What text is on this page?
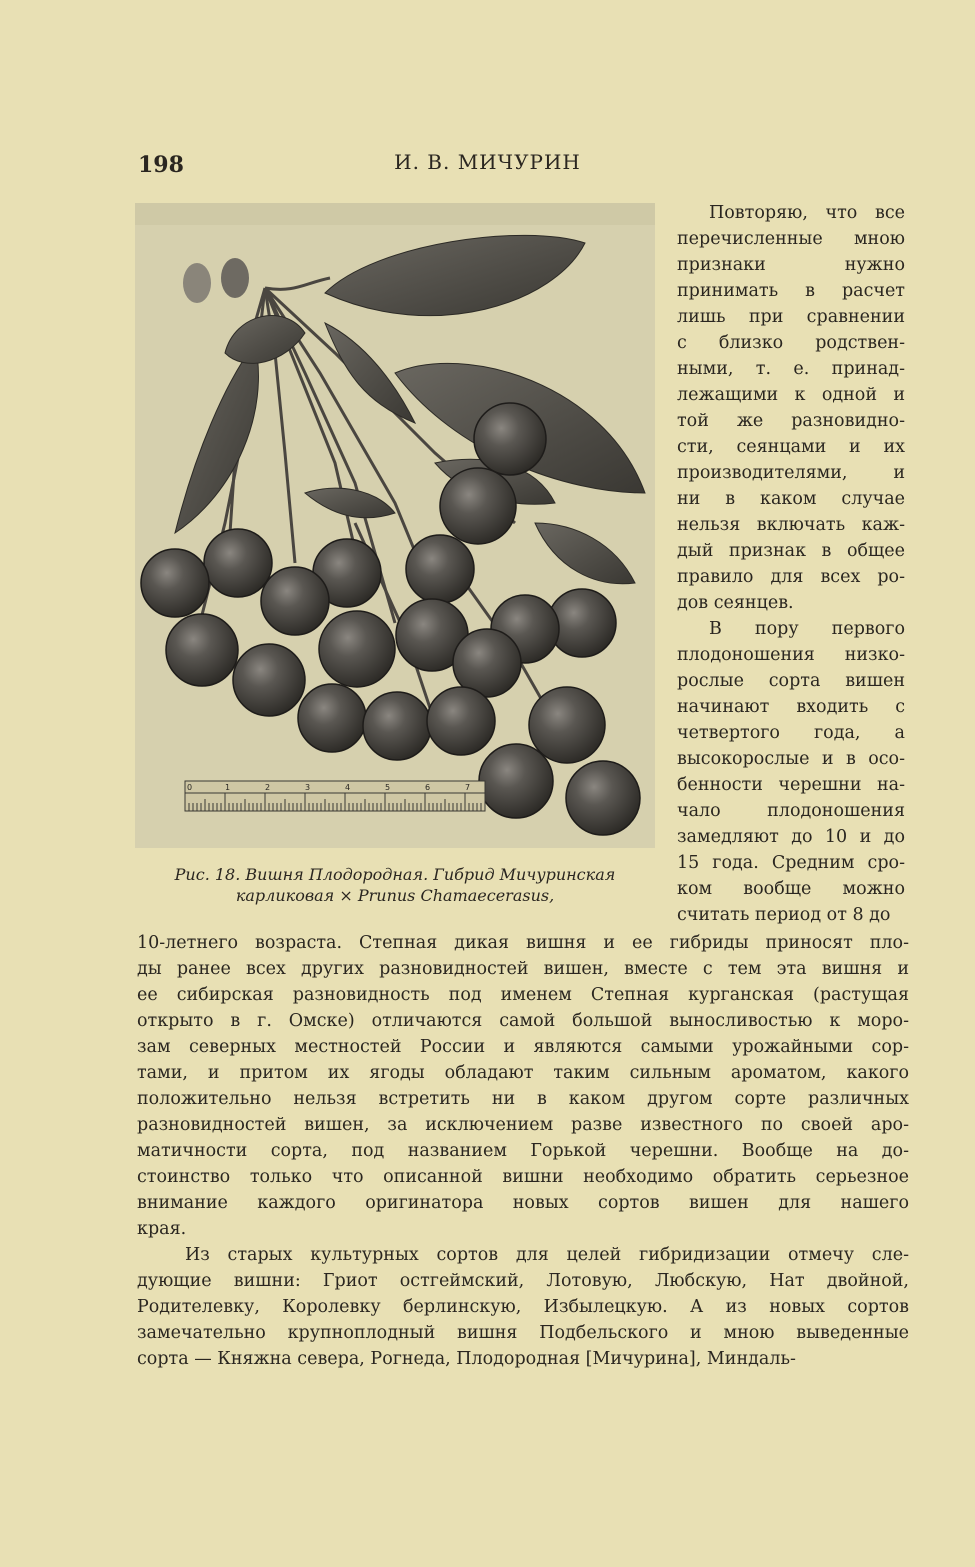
198	И. В. МИЧУРИН
0	1	2	3	4	5	6	7
Рис. 18. Вишня Плодородная. Гибрид Мичуринская
карликовая × Prunus Chamaecerasus,
Повторяю, что все
перечисленные мною
признаки нужно
принимать в расчет
лишь при сравнении
с близко родствен-
ными, т. е. принад-
лежащими к одной и
той же разновидно-
сти, сеянцами и их
производителями, и
ни в каком случае
нельзя включать каж-
дый признак в общее
правило для всех ро-
дов сеянцев.
В пору первого
плодоношения низко-
рослые сорта вишен
начинают входить с
четвертого года, а
высокорослые и в осо-
бенности черешни на-
чало плодоношения
замедляют до 10 и до
15 года. Средним сро-
ком вообще можно
считать период от 8 до
10-летнего возраста. Степная дикая вишня и ее гибриды приносят пло-
ды ранее всех других разновидностей вишен, вместе с тем эта вишня и
ее сибирская разновидность под именем Степная курганская (растущая
открыто в г. Омске) отличаются самой большой выносливостью к моро-
зам северных местностей России и являются самыми урожайными сор-
тами, и притом их ягоды обладают таким сильным ароматом, какого
положительно нельзя встретить ни в каком другом сорте различных
разновидностей вишен, за исключением разве известного по своей аро-
матичности сорта, под названием Горькой черешни. Вообще на до-
стоинство только что описанной вишни необходимо обратить серьезное
внимание каждого оригинатора новых сортов вишен для нашего
края.
Из старых культурных сортов для целей гибридизации отмечу сле-
дующие вишни: Гриот остгеймский, Лотовую, Любскую, Нат двойной,
Родителевку, Королевку берлинскую, Избылецкую. А из новых сортов
замечательно крупноплодный вишня Подбельского и мною выведенные
сорта — Княжна севера, Рогнеда, Плодородная [Мичурина], Миндаль-
